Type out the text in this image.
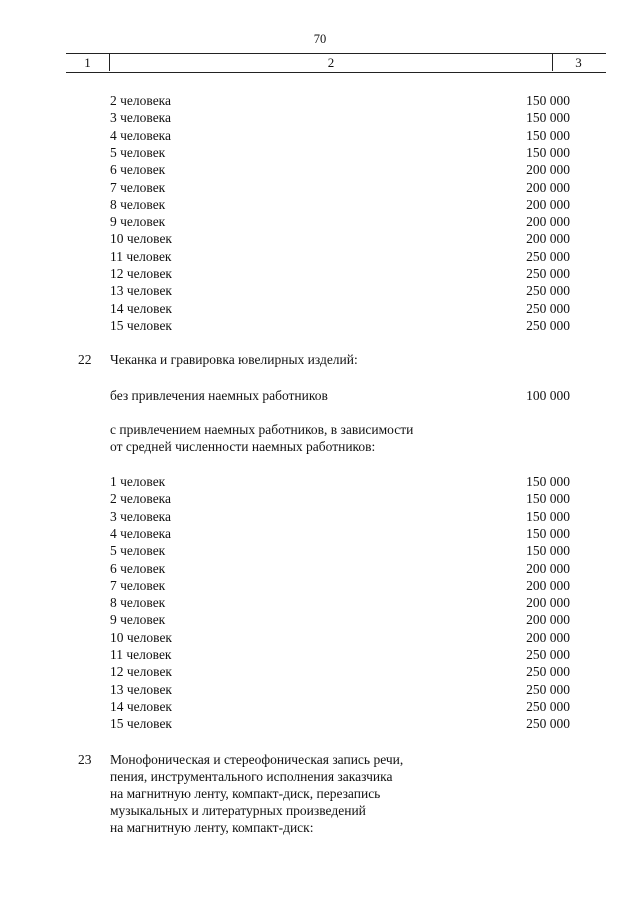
70
1	2	3
2 человека	150 000
3 человека	150 000
4 человека	150 000
5 человек	150 000
6 человек	200 000
7 человек	200 000
8 человек	200 000
9 человек	200 000
10 человек	200 000
11 человек	250 000
12 человек	250 000
13 человек	250 000
14 человек	250 000
15 человек	250 000
22 Чеканка и гравировка ювелирных изделий:
без привлечения наемных работников	100 000
с привлечением наемных работников, в зависимости
от средней численности наемных работников:
1 человек	150 000
2 человека	150 000
3 человека	150 000
4 человека	150 000
5 человек	150 000
6 человек	200 000
7 человек	200 000
8 человек	200 000
9 человек	200 000
10 человек	200 000
11 человек	250 000
12 человек	250 000
13 человек	250 000
14 человек	250 000
15 человек	250 000
23 Монофоническая и стереофоническая запись речи,
пения, инструментального исполнения заказчика
на магнитную ленту, компакт-диск, перезапись
музыкальных и литературных произведений
на магнитную ленту, компакт-диск:
